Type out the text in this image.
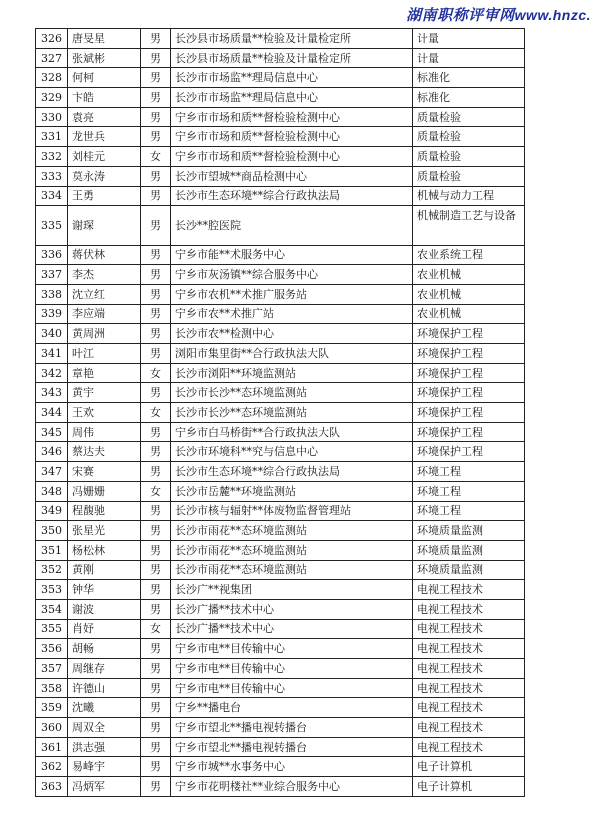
湖南职称评审网www.hnzc.
326	唐旻星	男	长沙县市场质量**检验及计量检定所	计量
327	张斌彬	男	长沙县市场质量**检验及计量检定所	计量
328	何柯	男	长沙市市场监**理局信息中心	标准化
329	卞皓	男	长沙市市场监**理局信息中心	标准化
330	袁亮	男	宁乡市市场和质**督检验检测中心	质量检验
331	龙世兵	男	宁乡市市场和质**督检验检测中心	质量检验
332	刘桂元	女	宁乡市市场和质**督检验检测中心	质量检验
333	莫永涛	男	长沙市望城**商品检测中心	质量检验
334	王勇	男	长沙市生态环境**综合行政执法局	机械与动力工程
335	谢琛	男	长沙**腔医院	机械制造工艺与设备
336	蒋伏林	男	宁乡市能**术服务中心	农业系统工程
337	李杰	男	宁乡市灰汤镇**综合服务中心	农业机械
338	沈立红	男	宁乡市农机**术推广服务站	农业机械
339	李应端	男	宁乡市农**术推广站	农业机械
340	黄周洲	男	长沙市农**检测中心	环境保护工程
341	叶江	男	浏阳市集里街**合行政执法大队	环境保护工程
342	章艳	女	长沙市浏阳**环境监测站	环境保护工程
343	黄宇	男	长沙市长沙**态环境监测站	环境保护工程
344	王欢	女	长沙市长沙**态环境监测站	环境保护工程
345	周伟	男	宁乡市白马桥街**合行政执法大队	环境保护工程
346	蔡达夫	男	长沙市环境科**究与信息中心	环境保护工程
347	宋赛	男	长沙市生态环境**综合行政执法局	环境工程
348	冯姗姗	女	长沙市岳麓**环境监测站	环境工程
349	程馥驰	男	长沙市核与辐射**体废物监督管理站	环境工程
350	张星光	男	长沙市雨花**态环境监测站	环境质量监测
351	杨松林	男	长沙市雨花**态环境监测站	环境质量监测
352	黄刚	男	长沙市雨花**态环境监测站	环境质量监测
353	钟华	男	长沙广**视集团	电视工程技术
354	谢波	男	长沙广播**技术中心	电视工程技术
355	肖妤	女	长沙广播**技术中心	电视工程技术
356	胡畅	男	宁乡市电**目传输中心	电视工程技术
357	周继存	男	宁乡市电**目传输中心	电视工程技术
358	许德山	男	宁乡市电**目传输中心	电视工程技术
359	沈曦	男	宁乡**播电台	电视工程技术
360	周双全	男	宁乡市望北**播电视转播台	电视工程技术
361	洪志强	男	宁乡市望北**播电视转播台	电视工程技术
362	易峰宇	男	宁乡市城**水事务中心	电子计算机
363	冯炳军	男	宁乡市花明楼社**业综合服务中心	电子计算机
